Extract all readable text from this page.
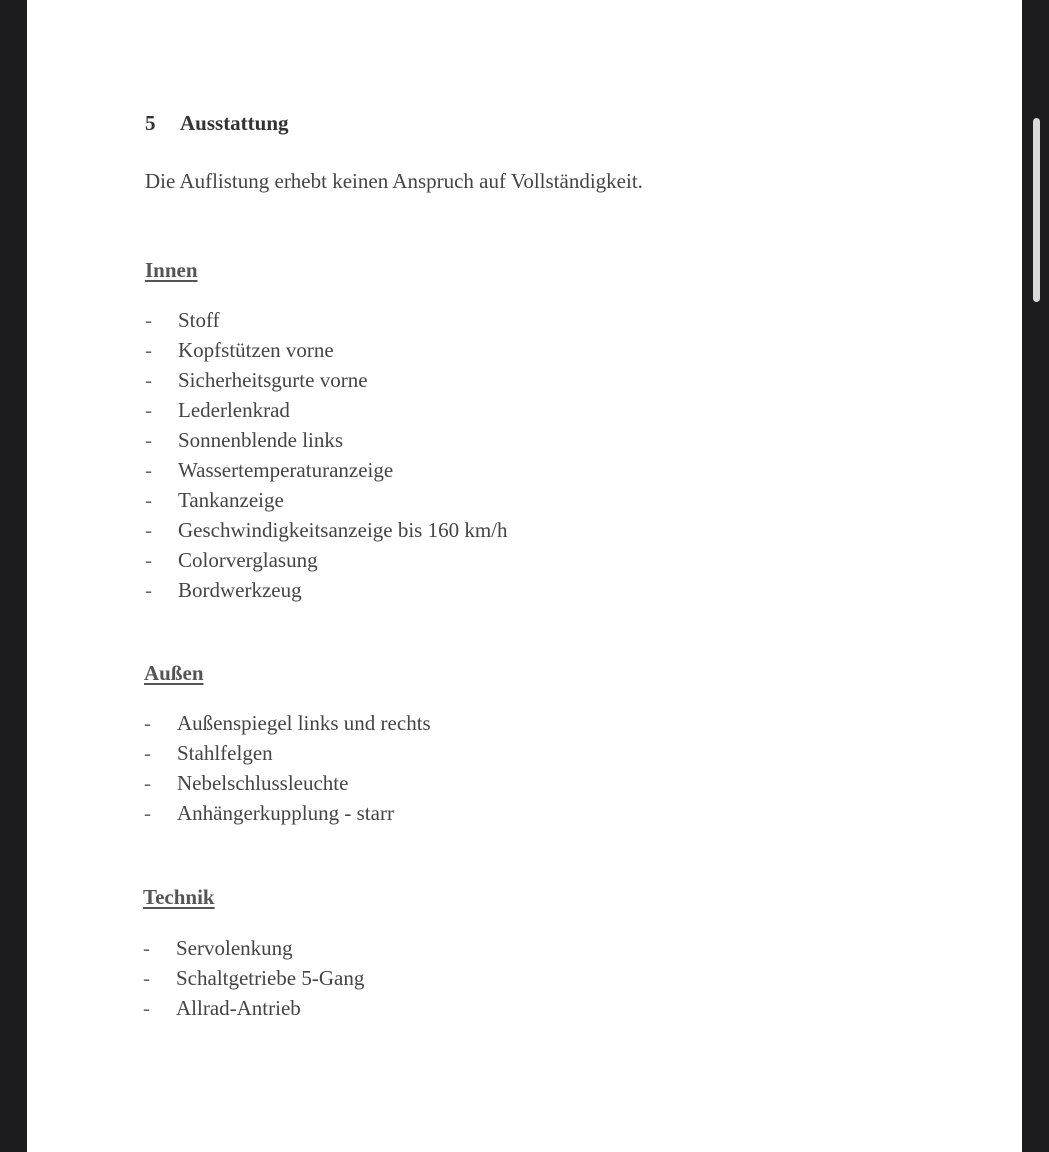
5 Ausstattung
Die Auflistung erhebt keinen Anspruch auf Vollständigkeit.
Innen
- Stoff
- Kopfstützen vorne
- Sicherheitsgurte vorne
- Lederlenkrad
- Sonnenblende links
- Wassertemperaturanzeige
- Tankanzeige
- Geschwindigkeitsanzeige bis 160 km/h
- Colorverglasung
- Bordwerkzeug
Außen
- Außenspiegel links und rechts
- Stahlfelgen
- Nebelschlussleuchte
- Anhängerkupplung - starr
Technik
- Servolenkung
- Schaltgetriebe 5-Gang
- Allrad-Antrieb
